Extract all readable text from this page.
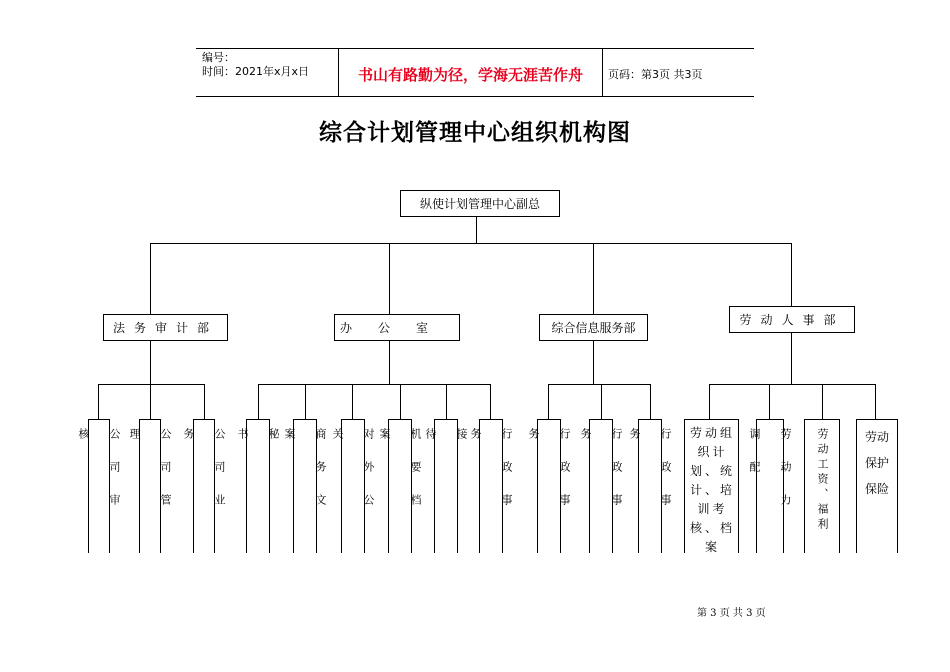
编号：
时间：2021年x月x日	书山有路勤为径，学海无涯苦作舟	页码：第3页 共3页
综合计划管理中心组织机构图
纵使计划管理中心副总
法务审计部	办公室	综合信息服务部
劳动人事部
公司审核	公司管理	公司业务	秘书	商务文案	对外公关	机要档案	接待	行政事务	行政事务	行政事务	行政事务	劳动组织计划、统计、培训考核、档案
劳动力调配	劳动工资、福利	劳动保护保险
第 3 页 共 3 页
